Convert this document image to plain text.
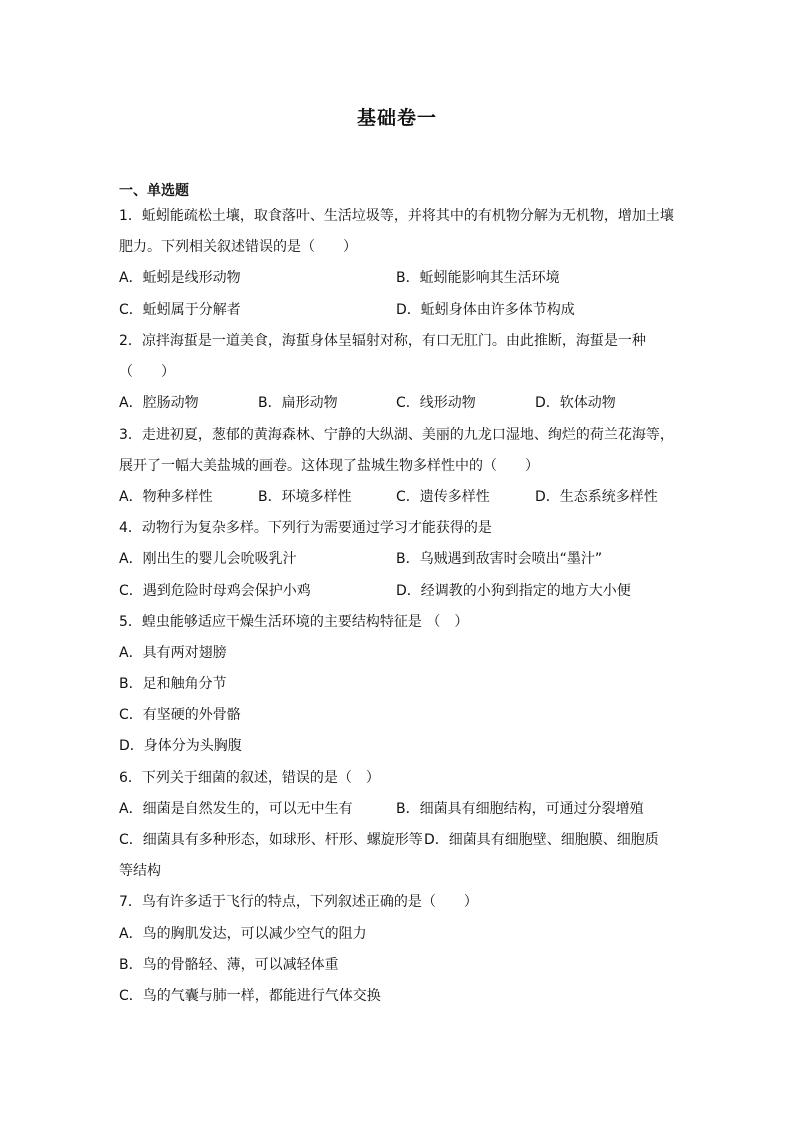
基础卷一
一、单选题
1．蚯蚓能疏松土壤，取食落叶、生活垃圾等，并将其中的有机物分解为无机物，增加土壤
肥力。下列相关叙述错误的是（　　）
A．蚯蚓是线形动物	B．蚯蚓能影响其生活环境
C．蚯蚓属于分解者	D．蚯蚓身体由许多体节构成
2．凉拌海蜇是一道美食，海蜇身体呈辐射对称，有口无肛门。由此推断，海蜇是一种
（　　）
A．腔肠动物	B．扁形动物	C．线形动物	D．软体动物
3．走进初夏，葱郁的黄海森林、宁静的大纵湖、美丽的九龙口湿地、绚烂的荷兰花海等，
展开了一幅大美盐城的画卷。这体现了盐城生物多样性中的（　　）
A．物种多样性	B．环境多样性	C．遗传多样性	D．生态系统多样性
4．动物行为复杂多样。下列行为需要通过学习才能获得的是
A．刚出生的婴儿会吮吸乳汁	B．乌贼遇到敌害时会喷出“墨汁”
C．遇到危险时母鸡会保护小鸡	D．经调教的小狗到指定的地方大小便
5．蝗虫能够适应干燥生活环境的主要结构特征是 （　）
A．具有两对翅膀
B．足和触角分节
C．有坚硬的外骨骼
D．身体分为头胸腹
6．下列关于细菌的叙述，错误的是（　）
A．细菌是自然发生的，可以无中生有	B．细菌具有细胞结构，可通过分裂增殖
C．细菌具有多种形态，如球形、杆形、螺旋形等 D．细菌具有细胞壁、细胞膜、细胞质
等结构
7．鸟有许多适于飞行的特点，下列叙述正确的是（　　）
A．鸟的胸肌发达，可以减少空气的阻力
B．鸟的骨骼轻、薄，可以减轻体重
C．鸟的气囊与肺一样，都能进行气体交换
